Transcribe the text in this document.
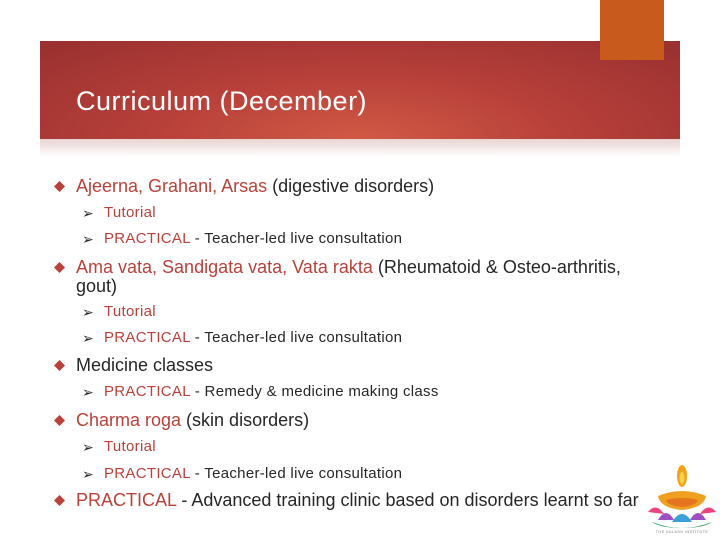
Curriculum (December)
Ajeerna, Grahani, Arsas (digestive disorders)
➢ Tutorial
➢ PRACTICAL - Teacher-led live consultation
Ama vata, Sandigata vata, Vata rakta (Rheumatoid & Osteo-arthritis, gout)
➢ Tutorial
➢ PRACTICAL - Teacher-led live consultation
Medicine classes
➢ PRACTICAL - Remedy & medicine making class
Charma roga (skin disorders)
➢ Tutorial
➢ PRACTICAL - Teacher-led live consultation
PRACTICAL - Advanced training clinic based on disorders learnt so far
THE KALASH INSTITUTE
